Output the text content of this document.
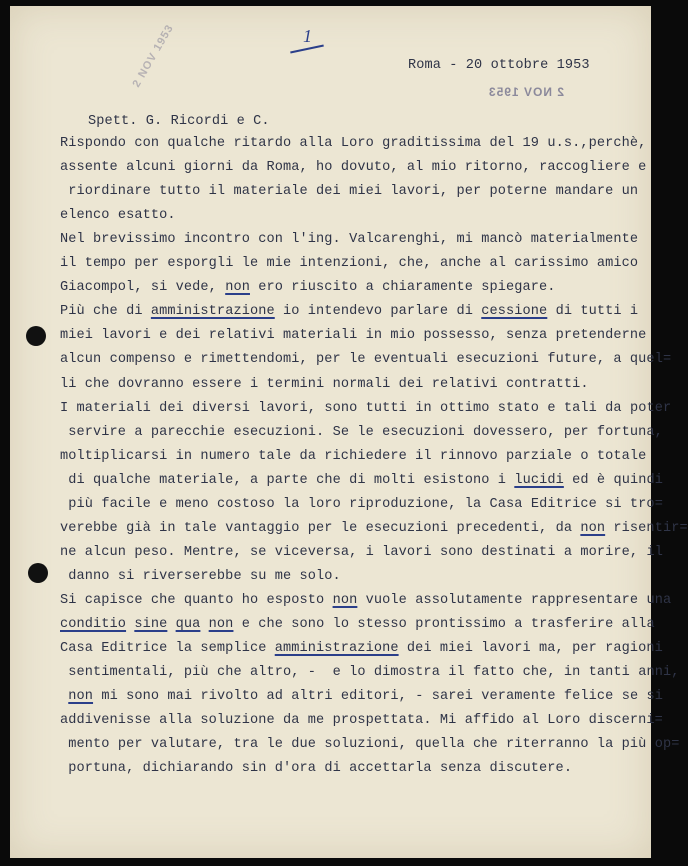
1
2 NOV 1953	Roma - 20 ottobre 1953
2 NOV 1953
Spett. G. Ricordi e C.
Rispondo con qualche ritardo alla Loro graditissima del 19 u.s.,perchè,
assente alcuni giorni da Roma, ho dovuto, al mio ritorno, raccogliere e
riordinare tutto il materiale dei miei lavori, per poterne mandare un
elenco esatto.
Nel brevissimo incontro con l'ing. Valcarenghi, mi mancò materialmente
il tempo per esporgli le mie intenzioni, che, anche al carissimo amico
Giacompol, si vede, non ero riuscito a chiaramente spiegare.
Più che di amministrazione io intendevo parlare di cessione di tutti i
miei lavori e dei relativi materiali in mio possesso, senza pretenderne
alcun compenso e rimettendomi, per le eventuali esecuzioni future, a quel=
li che dovranno essere i termini normali dei relativi contratti.
I materiali dei diversi lavori, sono tutti in ottimo stato e tali da poter
servire a parecchie esecuzioni. Se le esecuzioni dovessero, per fortuna,
moltiplicarsi in numero tale da richiedere il rinnovo parziale o totale
di qualche materiale, a parte che di molti esistono i lucidi ed è quindi
più facile e meno costoso la loro riproduzione, la Casa Editrice si tro=
verebbe già in tale vantaggio per le esecuzioni precedenti, da non risentir=
ne alcun peso. Mentre, se viceversa, i lavori sono destinati a morire, il
danno si riverserebbe su me solo.
Si capisce che quanto ho esposto non vuole assolutamente rappresentare una
conditio sine qua non e che sono lo stesso prontissimo a trasferire alla
Casa Editrice la semplice amministrazione dei miei lavori ma, per ragioni
sentimentali, più che altro, - e lo dimostra il fatto che, in tanti anni,
non mi sono mai rivolto ad altri editori, - sarei veramente felice se si
addivenisse alla soluzione da me prospettata. Mi affido al Loro discerni=
mento per valutare, tra le due soluzioni, quella che riterranno la più op=
portuna, dichiarando sin d'ora di accettarla senza discutere.
